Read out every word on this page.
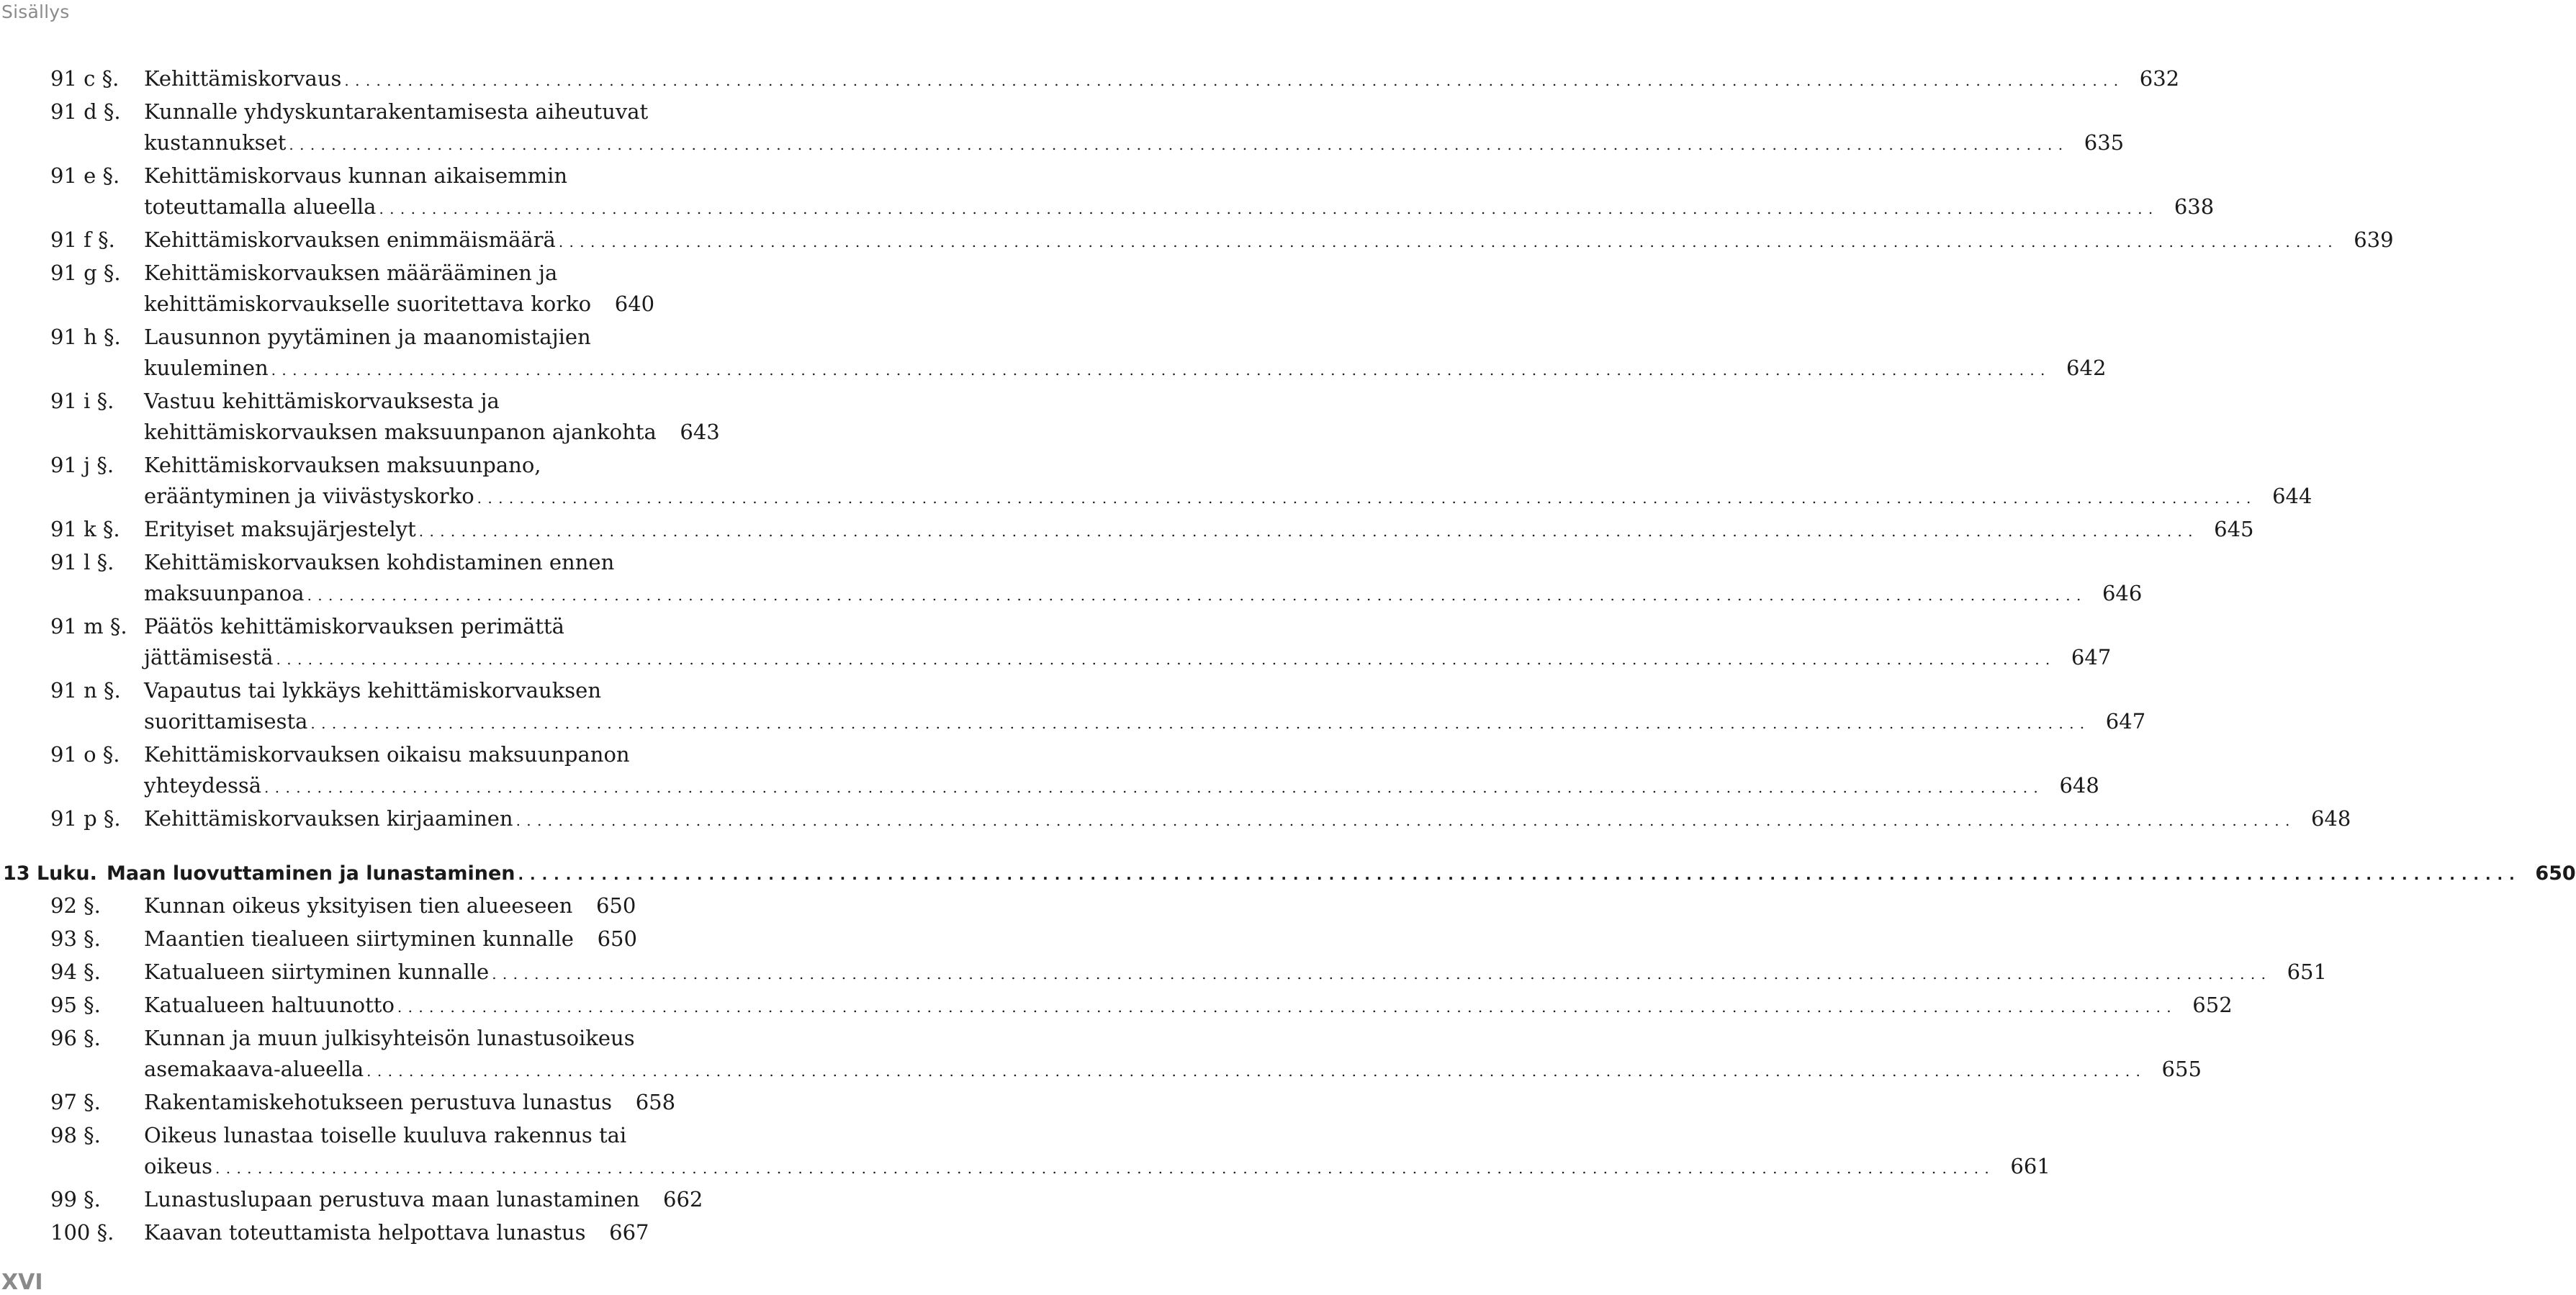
Sisällys
91 c §. Kehittämiskorvaus . . .	632
91 d §. Kunnalle yhdyskuntarakentamisesta aiheutuvat
kustannukset . . .	635
91 e §. Kehittämiskorvaus kunnan aikaisemmin
toteuttamalla alueella . . .	638
91 f §. Kehittämiskorvauksen enimmäismäärä . . .	639
91 g §. Kehittämiskorvauksen määrääminen ja
kehittämiskorvaukselle suoritettava korko	640
91 h §. Lausunnon pyytäminen ja maanomistajien
kuuleminen . . .	642
91 i §. Vastuu kehittämiskorvauksesta ja
kehittämiskorvauksen maksuunpanon ajankohta	643
91 j §. Kehittämiskorvauksen maksuunpano,
erääntyminen ja viivästyskorko . . .	644
91 k §. Erityiset maksujärjestelyt . . .	645
91 l §. Kehittämiskorvauksen kohdistaminen ennen
maksuunpanoa . . .	646
91 m §. Päätös kehittämiskorvauksen perimättä
jättämisestä . . .	647
91 n §. Vapautus tai lykkäys kehittämiskorvauksen
suorittamisesta . . .	647
91 o §. Kehittämiskorvauksen oikaisu maksuunpanon
yhteydessä . . .	648
91 p §. Kehittämiskorvauksen kirjaaminen . . .	648
13 Luku. Maan luovuttaminen ja lunastaminen . . .	650
92 §. Kunnan oikeus yksityisen tien alueeseen	650
93 §. Maantien tiealueen siirtyminen kunnalle	650
94 §. Katualueen siirtyminen kunnalle . . .	651
95 §. Katualueen haltuunotto . . .	652
96 §. Kunnan ja muun julkisyhteisön lunastusoikeus
asemakaava-alueella . . .	655
97 §. Rakentamiskehotukseen perustuva lunastus	658
98 §. Oikeus lunastaa toiselle kuuluva rakennus tai
oikeus . . .	661
99 §. Lunastuslupaan perustuva maan lunastaminen	662
100 §. Kaavan toteuttamista helpottava lunastus	667
XVI
